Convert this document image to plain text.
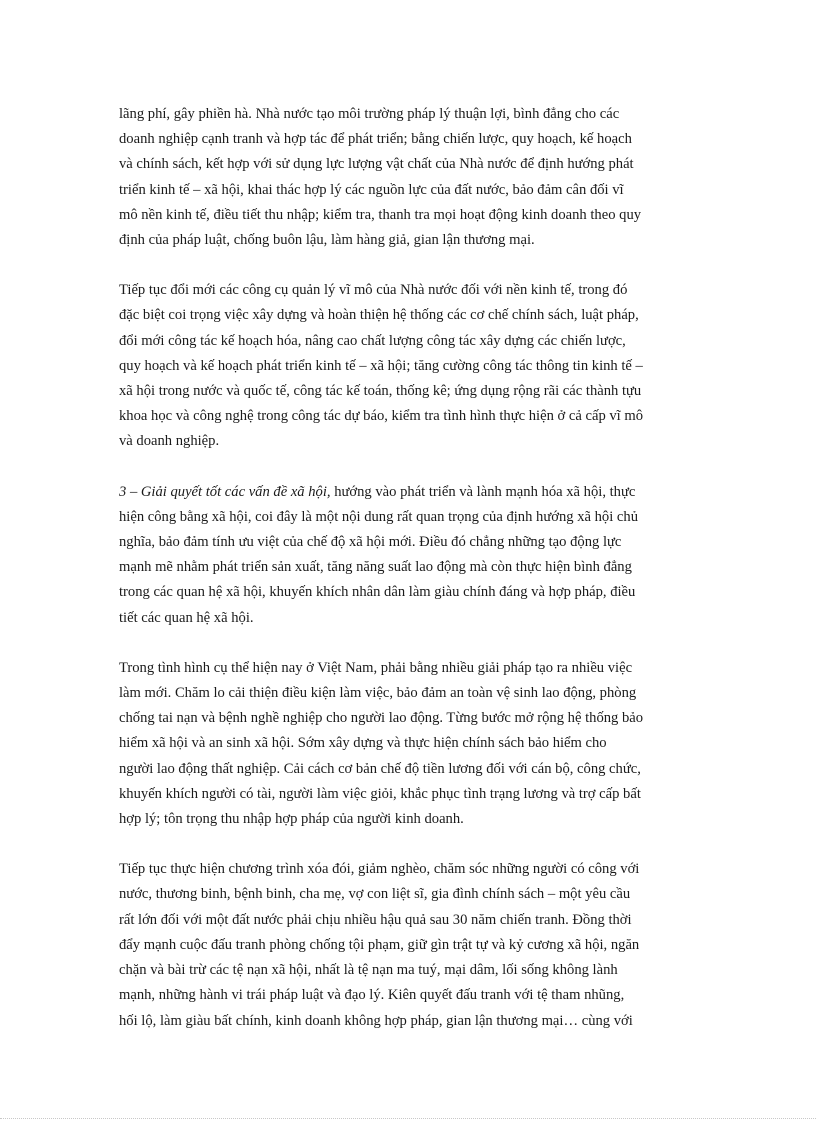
lãng phí, gây phiền hà. Nhà nước tạo môi trường pháp lý thuận lợi, bình đẳng cho các
doanh nghiệp cạnh tranh và hợp tác để phát triển; bằng chiến lược, quy hoạch, kế hoạch
và chính sách, kết hợp với sử dụng lực lượng vật chất của Nhà nước để định hướng phát
triển kinh tế – xã hội, khai thác hợp lý các nguồn lực của đất nước, bảo đảm cân đối vĩ
mô nền kinh tế, điều tiết thu nhập; kiểm tra, thanh tra mọi hoạt động kinh doanh theo quy
định của pháp luật, chống buôn lậu, làm hàng giả, gian lận thương mại.

Tiếp tục đổi mới các công cụ quản lý vĩ mô của Nhà nước đối với nền kinh tế, trong đó
đặc biệt coi trọng việc xây dựng và hoàn thiện hệ thống các cơ chế chính sách, luật pháp,
đổi mới công tác kế hoạch hóa, nâng cao chất lượng công tác xây dựng các chiến lược,
quy hoạch và kế hoạch phát triển kinh tế – xã hội; tăng cường công tác thông tin kinh tế –
xã hội trong nước và quốc tế, công tác kế toán, thống kê; ứng dụng rộng rãi các thành tựu
khoa học và công nghệ trong công tác dự báo, kiểm tra tình hình thực hiện ở cả cấp vĩ mô
và doanh nghiệp.

3 – Giải quyết tốt các vấn đề xã hội, hướng vào phát triển và lành mạnh hóa xã hội, thực
hiện công bằng xã hội, coi đây là một nội dung rất quan trọng của định hướng xã hội chủ
nghĩa, bảo đảm tính ưu việt của chế độ xã hội mới. Điều đó chẳng những tạo động lực
mạnh mẽ nhằm phát triển sản xuất, tăng năng suất lao động mà còn thực hiện bình đẳng
trong các quan hệ xã hội, khuyến khích nhân dân làm giàu chính đáng và hợp pháp, điều
tiết các quan hệ xã hội.

Trong tình hình cụ thể hiện nay ở Việt Nam, phải bằng nhiều giải pháp tạo ra nhiều việc
làm mới. Chăm lo cải thiện điều kiện làm việc, bảo đảm an toàn vệ sinh lao động, phòng
chống tai nạn và bệnh nghề nghiệp cho người lao động. Từng bước mở rộng hệ thống bảo
hiểm xã hội và an sinh xã hội. Sớm xây dựng và thực hiện chính sách bảo hiểm cho
người lao động thất nghiệp. Cải cách cơ bản chế độ tiền lương đối với cán bộ, công chức,
khuyến khích người có tài, người làm việc giỏi, khắc phục tình trạng lương và trợ cấp bất
hợp lý; tôn trọng thu nhập hợp pháp của người kinh doanh.

Tiếp tục thực hiện chương trình xóa đói, giảm nghèo, chăm sóc những người có công với
nước, thương binh, bệnh binh, cha mẹ, vợ con liệt sĩ, gia đình chính sách – một yêu cầu
rất lớn đối với một đất nước phải chịu nhiều hậu quả sau 30 năm chiến tranh. Đồng thời
đẩy mạnh cuộc đấu tranh phòng chống tội phạm, giữ gìn trật tự và kỷ cương xã hội, ngăn
chặn và bài trừ các tệ nạn xã hội, nhất là tệ nạn ma tuý, mại dâm, lối sống không lành
mạnh, những hành vi trái pháp luật và đạo lý. Kiên quyết đấu tranh với tệ tham nhũng,
hối lộ, làm giàu bất chính, kinh doanh không hợp pháp, gian lận thương mại… cùng với
